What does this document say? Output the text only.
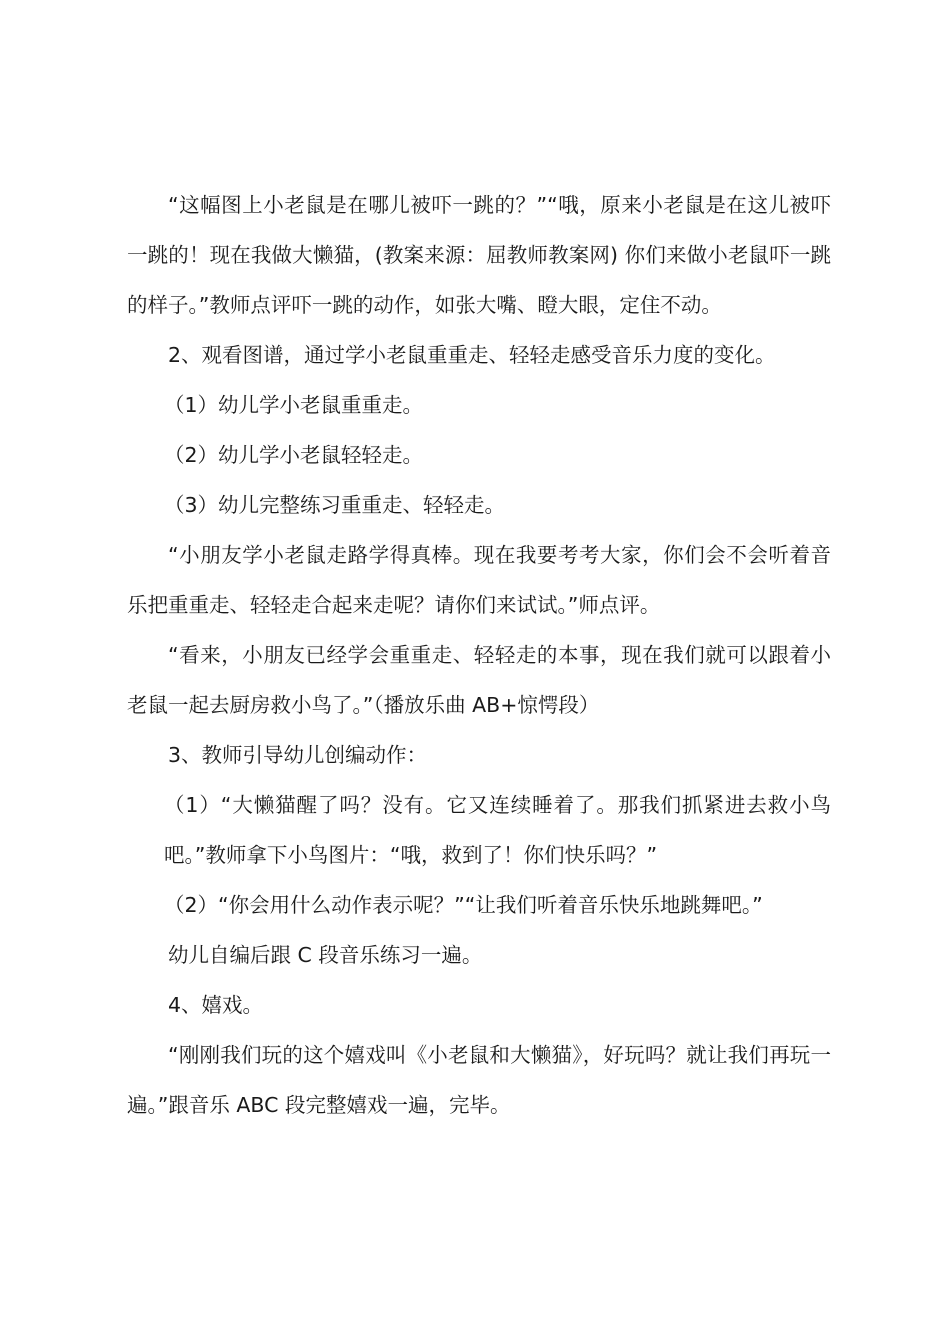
“这幅图上小老鼠是在哪儿被吓一跳的？”“哦，原来小老鼠是在这儿被吓一跳的！现在我做大懒猫，(教案来源：屈教师教案网) 你们来做小老鼠吓一跳的样子。”教师点评吓一跳的动作，如张大嘴、瞪大眼，定住不动。

2、观看图谱，通过学小老鼠重重走、轻轻走感受音乐力度的变化。

（1）幼儿学小老鼠重重走。

（2）幼儿学小老鼠轻轻走。

（3）幼儿完整练习重重走、轻轻走。

“小朋友学小老鼠走路学得真棒。现在我要考考大家，你们会不会听着音乐把重重走、轻轻走合起来走呢？请你们来试试。”师点评。

“看来，小朋友已经学会重重走、轻轻走的本事，现在我们就可以跟着小老鼠一起去厨房救小鸟了。”（播放乐曲 AB+惊愕段）

3、教师引导幼儿创编动作：

（1）“大懒猫醒了吗？没有。它又连续睡着了。那我们抓紧进去救小鸟吧。”教师拿下小鸟图片：“哦，救到了！你们快乐吗？”

（2）“你会用什么动作表示呢？”“让我们听着音乐快乐地跳舞吧。”

幼儿自编后跟 C 段音乐练习一遍。

4、嬉戏。

“刚刚我们玩的这个嬉戏叫《小老鼠和大懒猫》，好玩吗？就让我们再玩一遍。”跟音乐 ABC 段完整嬉戏一遍，完毕。
